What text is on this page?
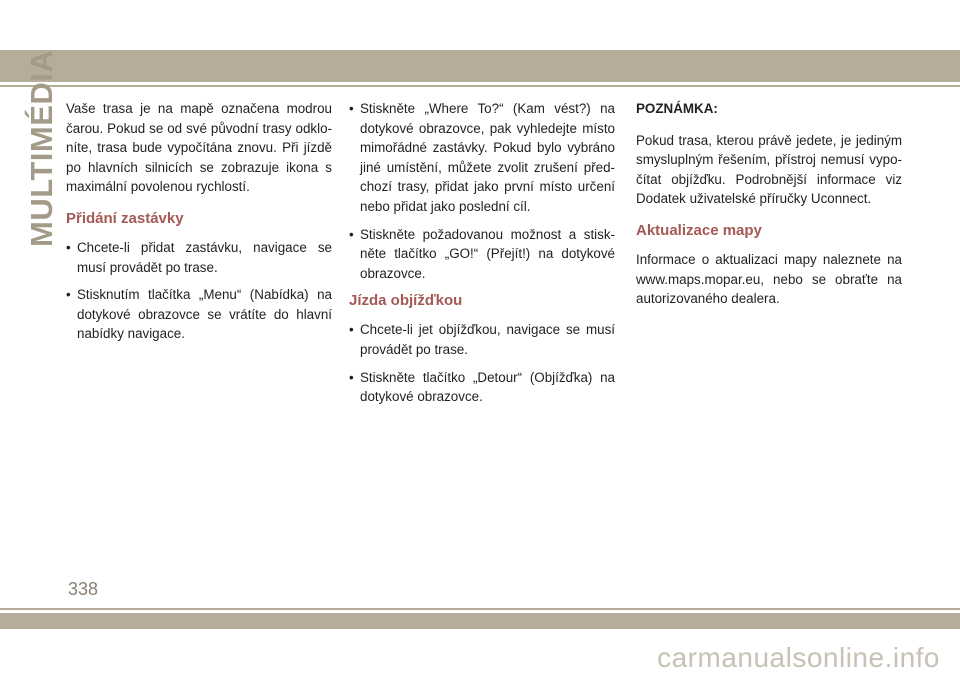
MULTIMÉDIA Vaše trasa je na mapě označena modrou čarou. Pokud se od své původní trasy odklo-níte, trasa bude vypočítána znovu. Při jízdě po hlavních silnicích se zobrazuje ikona s maximální povolenou rychlostí.

Přidání zastávky
• Chcete-li přidat zastávku, navigace se musí provádět po trase.
• Stisknutím tlačítka „Menu“ (Nabídka) na dotykové obrazovce se vrátíte do hlavní nabídky navigace.
• Stiskněte „Where To?“ (Kam vést?) na dotykové obrazovce, pak vyhledejte místo mimořádné zastávky. Pokud bylo vybráno jiné umístění, můžete zvolit zrušení před-chozí trasy, přidat jako první místo určení nebo přidat jako poslední cíl.
• Stiskněte požadovanou možnost a stisk-něte tlačítko „GO!“ (Přejít!) na dotykové obrazovce.
Jízda objížďkou
• Chcete-li jet objížďkou, navigace se musí provádět po trase.
• Stiskněte tlačítko „Detour“ (Objížďka) na dotykové obrazovce.

POZNÁMKA:

Pokud trasa, kterou právě jedete, je jediným smysluplným řešením, přístroj nemusí vypo-čítat objížďku. Podrobnější informace viz Dodatek uživatelské příručky Uconnect.

Aktualizace mapy

Informace o aktualizaci mapy naleznete na www.maps.mopar.eu, nebo se obraťte na autorizovaného dealera.

338
carmanualsonline.info
